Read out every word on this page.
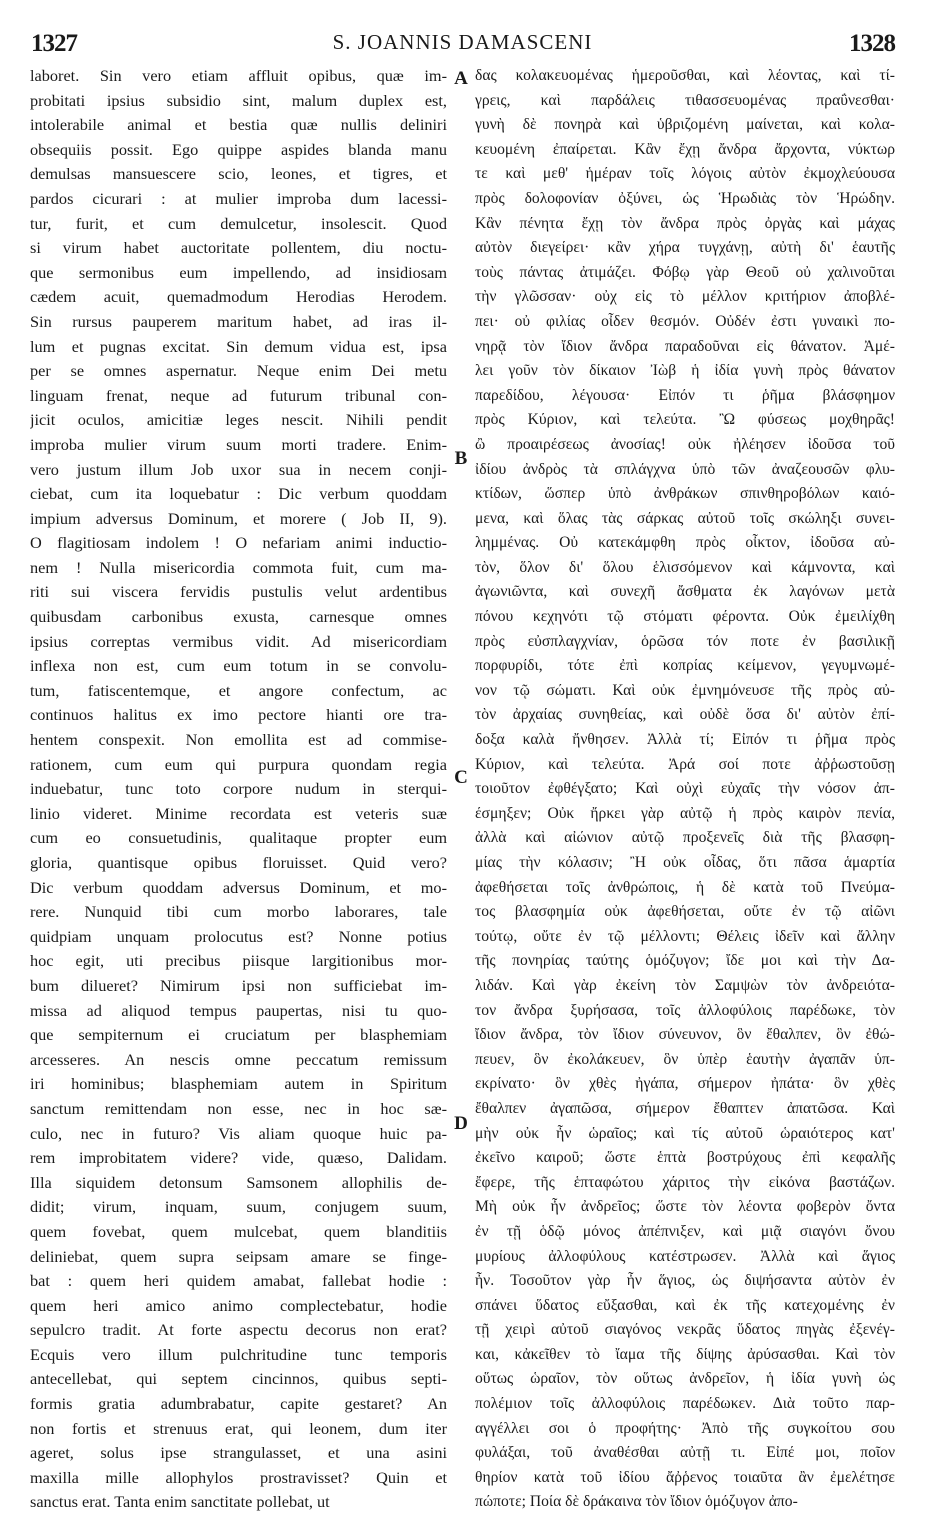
1327	S. JOANNIS DAMASCENI	1328
laboret. Sin vero etiam affluit opibus, quæ im-
probitati ipsius subsidio sint, malum duplex est,
intolerabile animal et bestia quæ nullis deliniri
obsequiis possit. Ego quippe aspides blanda manu
demulsas mansuescere scio, leones, et tigres, et
pardos cicurari : at mulier improba dum lacessi-
tur, furit, et cum demulcetur, insolescit. Quod
si virum habet auctoritate pollentem, diu noctu-
que sermonibus eum impellendo, ad insidiosam
cædem acuit, quemadmodum Herodias Herodem.
Sin rursus pauperem maritum habet, ad iras il-
lum et pugnas excitat. Sin demum vidua est, ipsa
per se omnes aspernatur. Neque enim Dei metu
linguam frenat, neque ad futurum tribunal con-
jicit oculos, amicitiæ leges nescit. Nihili pendit
improba mulier virum suum morti tradere. Enim-
vero justum illum Job uxor sua in necem conji-
ciebat, cum ita loquebatur : Dic verbum quoddam
impium adversus Dominum, et morere ( Job II, 9).
O flagitiosam indolem ! O nefariam animi inductio-
nem ! Nulla misericordia commota fuit, cum ma-
riti sui viscera fervidis pustulis velut ardentibus
quibusdam carbonibus exusta, carnesque omnes
ipsius correptas vermibus vidit. Ad misericordiam
inflexa non est, cum eum totum in se convolu-
tum, fatiscentemque, et angore confectum, ac
continuos halitus ex imo pectore hianti ore tra-
hentem conspexit. Non emollita est ad commise-
rationem, cum eum qui purpura quondam regia
induebatur, tunc toto corpore nudum in sterqui-
linio videret. Minime recordata est veteris suæ
cum eo consuetudinis, qualitaque propter eum
gloria, quantisque opibus floruisset. Quid vero?
Dic verbum quoddam adversus Dominum, et mo-
rere. Nunquid tibi cum morbo laborares, tale
quidpiam unquam prolocutus est? Nonne potius
hoc egit, uti precibus piisque largitionibus mor-
bum dilueret? Nimirum ipsi non sufficiebat im-
missa ad aliquod tempus paupertas, nisi tu quo-
que sempiternum ei cruciatum per blasphemiam
arcesseres. An nescis omne peccatum remissum
iri hominibus; blasphemiam autem in Spiritum
sanctum remittendam non esse, nec in hoc sæ-
culo, nec in futuro? Vis aliam quoque huic pa-
rem improbitatem videre? vide, quæso, Dalidam.
Illa siquidem detonsum Samsonem allophilis de-
didit; virum, inquam, suum, conjugem suum,
quem fovebat, quem mulcebat, quem blanditiis
deliniebat, quem supra seipsam amare se finge-
bat : quem heri quidem amabat, fallebat hodie :
quem heri amico animo complectebatur, hodie
sepulcro tradit. At forte aspectu decorus non erat?
Ecquis vero illum pulchritudine tunc temporis
antecellebat, qui septem cincinnos, quibus septi-
formis gratia adumbrabatur, capite gestaret? An
non fortis et strenuus erat, qui leonem, dum iter
ageret, solus ipse strangulasset, et una asini
maxilla mille allophylos prostravisset? Quin et
sanctus erat. Tanta enim sanctitate pollebat, ut
A
B
C
D
δας κολακευομένας ἡμεροῦσθαι, καὶ λέοντας, καὶ τί-
γρεις, καὶ παρδάλεις τιθασσευομένας πραΰνεσθαι·
γυνὴ δὲ πονηρὰ καὶ ὑβριζομένη μαίνεται, καὶ κολα-
κευομένη ἐπαίρεται. Κἂν ἔχῃ ἄνδρα ἄρχοντα, νύκτωρ
τε καὶ μεθ' ἡμέραν τοῖς λόγοις αὐτὸν ἐκμοχλεύουσα
πρὸς δολοφονίαν ὀξύνει, ὡς Ἡρωδιὰς τὸν Ἡρώδην.
Κἂν πένητα ἔχῃ τὸν ἄνδρα πρὸς ὀργὰς καὶ μάχας
αὐτὸν διεγείρει· κἂν χήρα τυγχάνῃ, αὐτὴ δι' ἑαυτῆς
τοὺς πάντας ἀτιμάζει. Φόβῳ γὰρ Θεοῦ οὐ χαλινοῦται
τὴν γλῶσσαν· οὐχ εἰς τὸ μέλλον κριτήριον ἀποβλέ-
πει· οὐ φιλίας οἶδεν θεσμόν. Οὐδέν ἐστι γυναικὶ πο-
νηρᾷ τὸν ἴδιον ἄνδρα παραδοῦναι εἰς θάνατον. Ἀμέ-
λει γοῦν τὸν δίκαιον Ἰὼβ ἡ ἰδία γυνὴ πρὸς θάνατον
παρεδίδου, λέγουσα· Εἰπόν τι ῥῆμα βλάσφημον
πρὸς Κύριον, καὶ τελεύτα. Ὢ φύσεως μοχθηρᾶς!
ὢ προαιρέσεως ἀνοσίας! οὐκ ἠλέησεν ἰδοῦσα τοῦ
ἰδίου ἀνδρὸς τὰ σπλάγχνα ὑπὸ τῶν ἀναζεουσῶν φλυ-
κτίδων, ὥσπερ ὑπὸ ἀνθράκων σπινθηροβόλων καιό-
μενα, καὶ ὅλας τὰς σάρκας αὐτοῦ τοῖς σκώληξι συνει-
λημμένας. Οὐ κατεκάμφθη πρὸς οἶκτον, ἰδοῦσα αὐ-
τὸν, ὅλον δι' ὅλου ἑλισσόμενον καὶ κάμνοντα, καὶ
ἀγωνιῶντα, καὶ συνεχῆ ἄσθματα ἐκ λαγόνων μετὰ
πόνου κεχηνότι τῷ στόματι φέροντα. Οὐκ ἐμειλίχθη
πρὸς εὐσπλαγχνίαν, ὁρῶσα τόν ποτε ἐν βασιλικῇ
πορφυρίδι, τότε ἐπὶ κοπρίας κείμενον, γεγυμνωμέ-
νον τῷ σώματι. Καὶ οὐκ ἐμνημόνευσε τῆς πρὸς αὐ-
τὸν ἀρχαίας συνηθείας, καὶ οὐδὲ ὅσα δι' αὐτὸν ἐπί-
δοξα καλὰ ἤνθησεν. Ἀλλὰ τί; Εἰπόν τι ῥῆμα πρὸς
Κύριον, καὶ τελεύτα. Ἀρά σοί ποτε ἀῤῥωστοῦσῃ
τοιοῦτον ἐφθέγξατο; Καὶ οὐχὶ εὐχαῖς τὴν νόσον ἀπ-
έσμηξεν; Οὐκ ἤρκει γὰρ αὐτῷ ἡ πρὸς καιρὸν πενία,
ἀλλὰ καὶ αἰώνιον αὐτῷ προξενεῖς διὰ τῆς βλασφη-
μίας τὴν κόλασιν; Ἢ οὐκ οἶδας, ὅτι πᾶσα ἁμαρτία
ἀφεθήσεται τοῖς ἀνθρώποις, ἡ δὲ κατὰ τοῦ Πνεύμα-
τος βλασφημία οὐκ ἀφεθήσεται, οὔτε ἐν τῷ αἰῶνι
τούτῳ, οὔτε ἐν τῷ μέλλοντι; Θέλεις ἰδεῖν καὶ ἄλλην
τῆς πονηρίας ταύτης ὁμόζυγον; ἴδε μοι καὶ τὴν Δα-
λιδάν. Καὶ γὰρ ἐκείνη τὸν Σαμψὼν τὸν ἀνδρειότα-
τον ἄνδρα ξυρήσασα, τοῖς ἀλλοφύλοις παρέδωκε, τὸν
ἴδιον ἄνδρα, τὸν ἴδιον σύνευνον, ὃν ἔθαλπεν, ὃν ἐθώ-
πευεν, ὃν ἐκολάκευεν, ὃν ὑπὲρ ἑαυτὴν ἀγαπᾶν ὑπ-
εκρίνατο· ὃν χθὲς ἠγάπα, σήμερον ἠπάτα· ὃν χθὲς
ἔθαλπεν ἀγαπῶσα, σήμερον ἔθαπτεν ἀπατῶσα. Καὶ
μὴν οὐκ ἦν ὡραῖος; καὶ τίς αὐτοῦ ὡραιότερος κατ'
ἐκεῖνο καιροῦ; ὥστε ἑπτὰ βοστρύχους ἐπὶ κεφαλῆς
ἔφερε, τῆς ἑπταφώτου χάριτος τὴν εἰκόνα βαστάζων.
Μὴ οὐκ ἦν ἀνδρεῖος; ὥστε τὸν λέοντα φοβερὸν ὄντα
ἐν τῇ ὁδῷ μόνος ἀπέπνιξεν, καὶ μιᾷ σιαγόνι ὄνου
μυρίους ἀλλοφύλους κατέστρωσεν. Ἀλλὰ καὶ ἅγιος
ἦν. Τοσοῦτον γὰρ ἦν ἅγιος, ὡς διψήσαντα αὐτὸν ἐν
σπάνει ὕδατος εὔξασθαι, καὶ ἐκ τῆς κατεχομένης ἐν
τῇ χειρὶ αὐτοῦ σιαγόνος νεκρᾶς ὕδατος πηγὰς ἐξενέγ-
και, κἀκεῖθεν τὸ ἴαμα τῆς δίψης ἀρύσασθαι. Καὶ τὸν
οὕτως ὡραῖον, τὸν οὕτως ἀνδρεῖον, ἡ ἰδία γυνὴ ὡς
πολέμιον τοῖς ἀλλοφύλοις παρέδωκεν. Διὰ τοῦτο παρ-
αγγέλλει σοι ὁ προφήτης· Ἀπὸ τῆς συγκοίτου σου
φυλάξαι, τοῦ ἀναθέσθαι αὐτῇ τι. Εἰπέ μοι, ποῖον
θηρίον κατὰ τοῦ ἰδίου ἄῤῥενος τοιαῦτα ἂν ἐμελέτησε
πώποτε; Ποία δὲ δράκαινα τὸν ἴδιον ὁμόζυγον ἀπο-
